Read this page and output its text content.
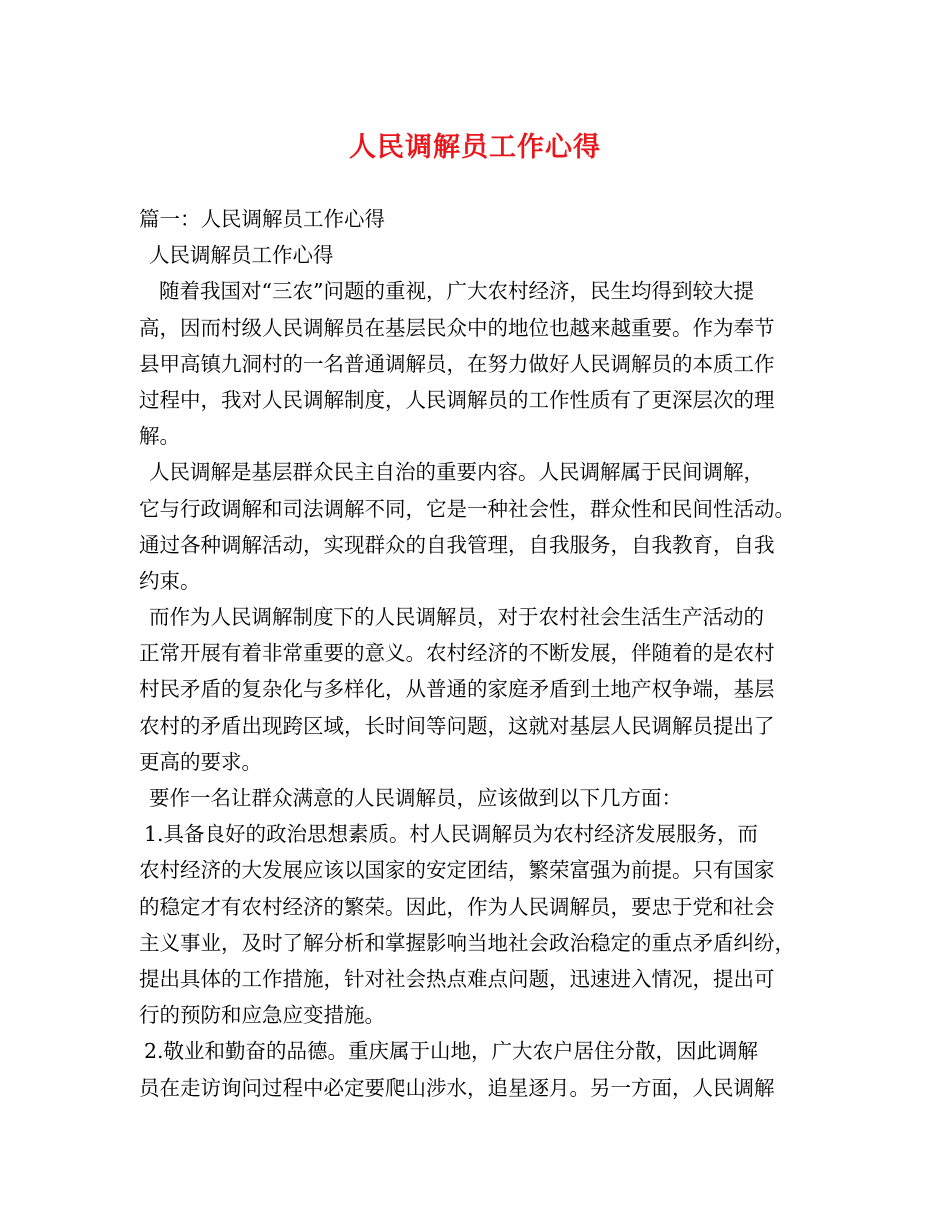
人民调解员工作心得
篇一：人民调解员工作心得
人民调解员工作心得
随着我国对“三农”问题的重视，广大农村经济，民生均得到较大提
高，因而村级人民调解员在基层民众中的地位也越来越重要。作为奉节
县甲高镇九洞村的一名普通调解员，在努力做好人民调解员的本质工作
过程中，我对人民调解制度，人民调解员的工作性质有了更深层次的理
解。
人民调解是基层群众民主自治的重要内容。人民调解属于民间调解，
它与行政调解和司法调解不同，它是一种社会性，群众性和民间性活动。
通过各种调解活动，实现群众的自我管理，自我服务，自我教育，自我
约束。
而作为人民调解制度下的人民调解员，对于农村社会生活生产活动的
正常开展有着非常重要的意义。农村经济的不断发展，伴随着的是农村
村民矛盾的复杂化与多样化，从普通的家庭矛盾到土地产权争端，基层
农村的矛盾出现跨区域，长时间等问题，这就对基层人民调解员提出了
更高的要求。
要作一名让群众满意的人民调解员，应该做到以下几方面：
1.具备良好的政治思想素质。村人民调解员为农村经济发展服务，而
农村经济的大发展应该以国家的安定团结，繁荣富强为前提。只有国家
的稳定才有农村经济的繁荣。因此，作为人民调解员，要忠于党和社会
主义事业，及时了解分析和掌握影响当地社会政治稳定的重点矛盾纠纷，
提出具体的工作措施，针对社会热点难点问题，迅速进入情况，提出可
行的预防和应急应变措施。
2.敬业和勤奋的品德。重庆属于山地，广大农户居住分散，因此调解
员在走访询问过程中必定要爬山涉水，追星逐月。另一方面，人民调解
